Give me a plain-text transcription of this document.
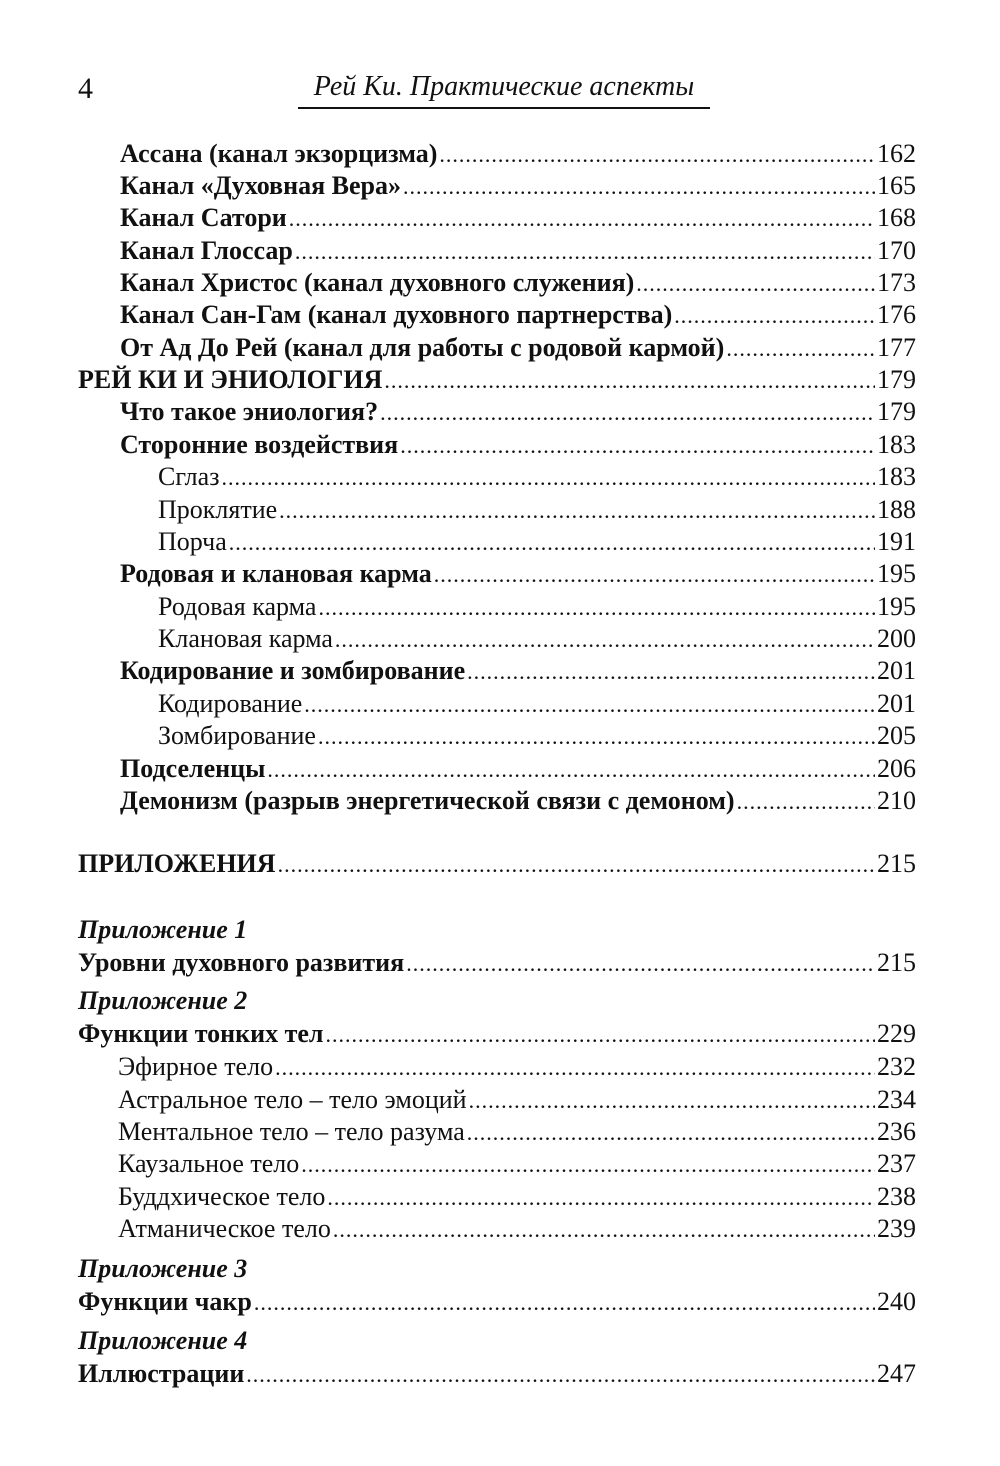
4	Рей Ки. Практические аспекты
Ассана (канал экзорцизма) .....	162
Канал «Духовная Вера» .....	165
Канал Сатори .....	168
Канал Глоссар .....	170
Канал Христос (канал духовного служения) .....	173
Канал Сан-Гам (канал духовного партнерства) .....	176
От Ад До Рей (канал для работы с родовой кармой) .....	177
РЕЙ КИ И ЭНИОЛОГИЯ .....	179
Что такое эниология? .....	179
Сторонние воздействия .....	183
Сглаз .....	183
Проклятие .....	188
Порча .....	191
Родовая и клановая карма .....	195
Родовая карма .....	195
Клановая карма .....	200
Кодирование и зомбирование .....	201
Кодирование .....	201
Зомбирование .....	205
Подселенцы .....	206
Демонизм (разрыв энергетической связи с демоном) .....	210
ПРИЛОЖЕНИЯ .....	215
Приложение 1
Уровни духовного развития .....	215
Приложение 2
Функции тонких тел .....	229
Эфирное тело .....	232
Астральное тело – тело эмоций .....	234
Ментальное тело – тело разума .....	236
Каузальное тело .....	237
Буддхическое тело .....	238
Атманическое тело .....	239
Приложение 3
Функции чакр .....	240
Приложение 4
Иллюстрации .....	247
